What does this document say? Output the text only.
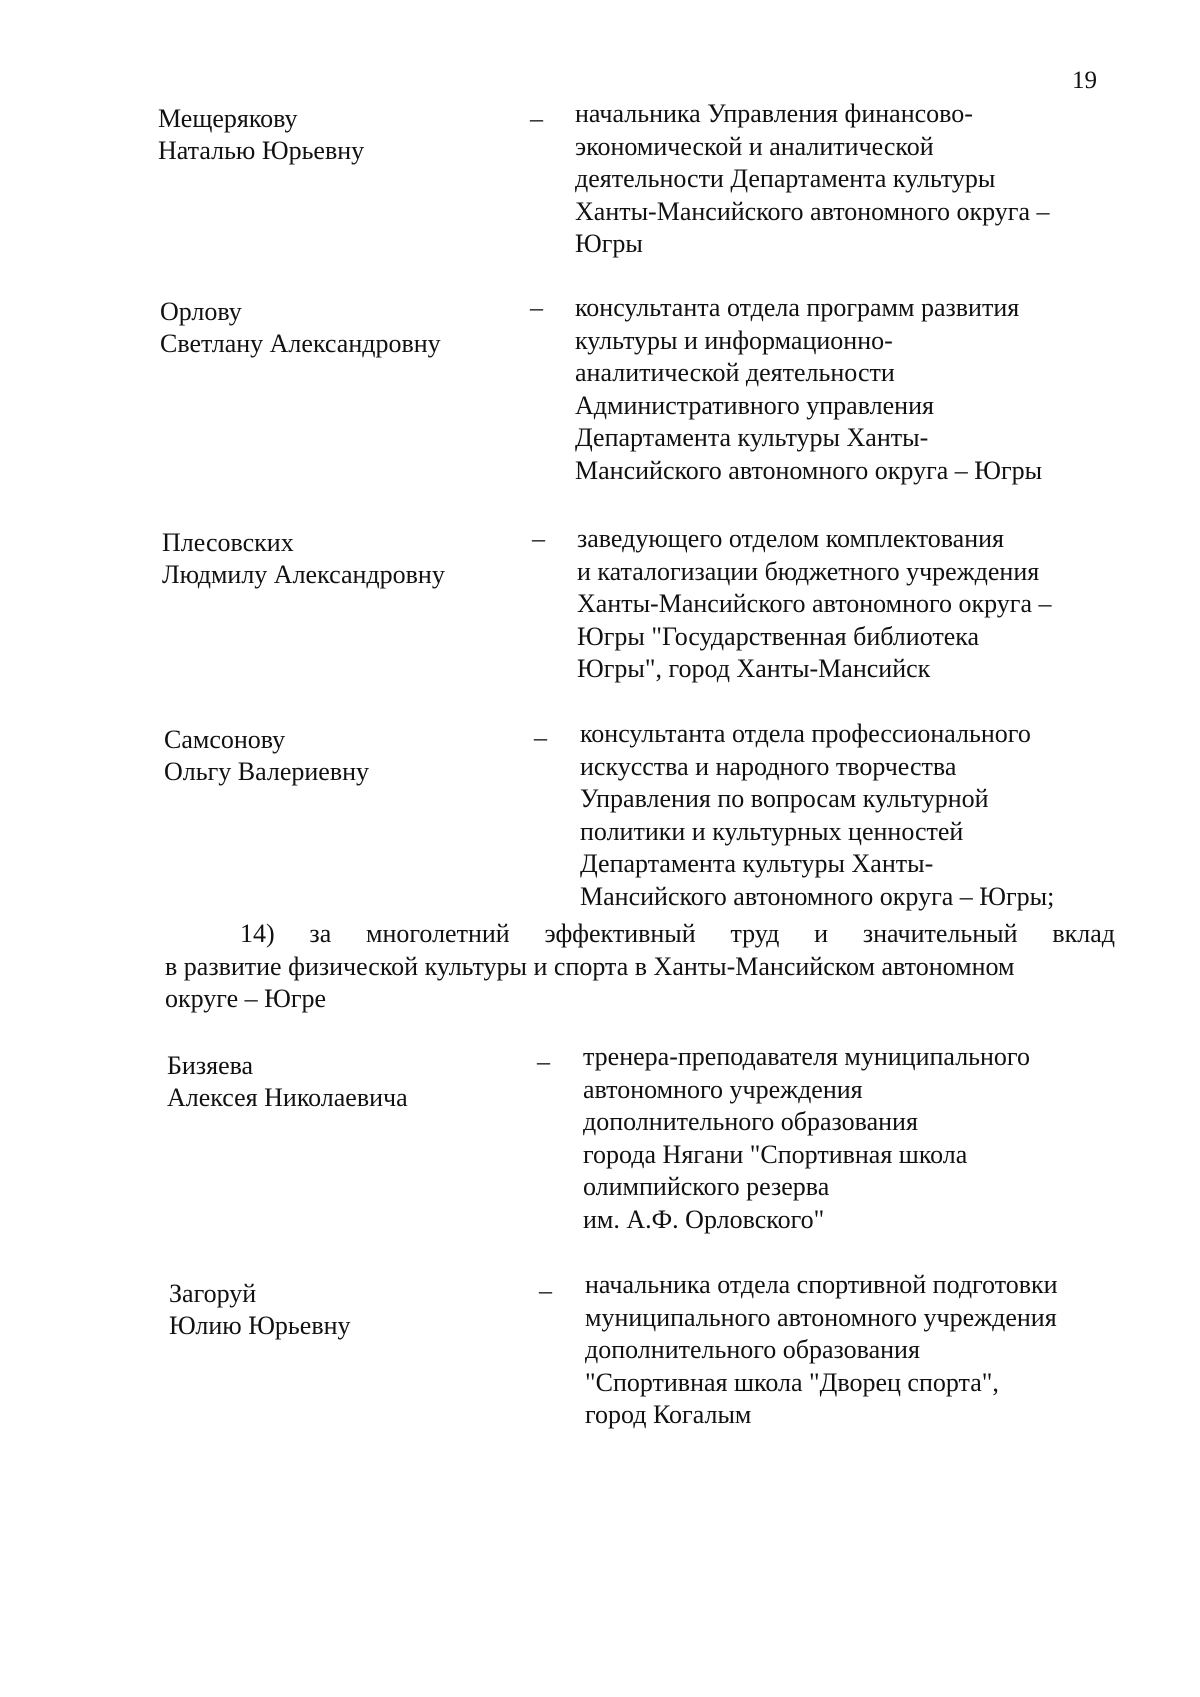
19
Мещерякову
Наталью Юрьевну
– начальника Управления финансово-
экономической и аналитической
деятельности Департамента культуры
Ханты-Мансийского автономного округа –
Югры
Орлову
Светлану Александровну
– консультанта отдела программ развития
культуры и информационно-
аналитической деятельности
Административного управления
Департамента культуры Ханты-
Мансийского автономного округа – Югры
Плесовских
Людмилу Александровну
– заведующего отделом комплектования
и каталогизации бюджетного учреждения
Ханты-Мансийского автономного округа –
Югры "Государственная библиотека
Югры", город Ханты-Мансийск
Самсонову
Ольгу Валериевну
– консультанта отдела профессионального
искусства и народного творчества
Управления по вопросам культурной
политики и культурных ценностей
Департамента культуры Ханты-
Мансийского автономного округа – Югры;
14) за многолетний эффективный труд и значительный вклад
в развитие физической культуры и спорта в Ханты-Мансийском автономном
округе – Югре
Бизяева
Алексея Николаевича
– тренера-преподавателя муниципального
автономного учреждения
дополнительного образования
города Нягани "Спортивная школа
олимпийского резерва
им. А.Ф. Орловского"
Загоруй
Юлию Юрьевну
– начальника отдела спортивной подготовки
муниципального автономного учреждения
дополнительного образования
"Спортивная школа "Дворец спорта",
город Когалым
